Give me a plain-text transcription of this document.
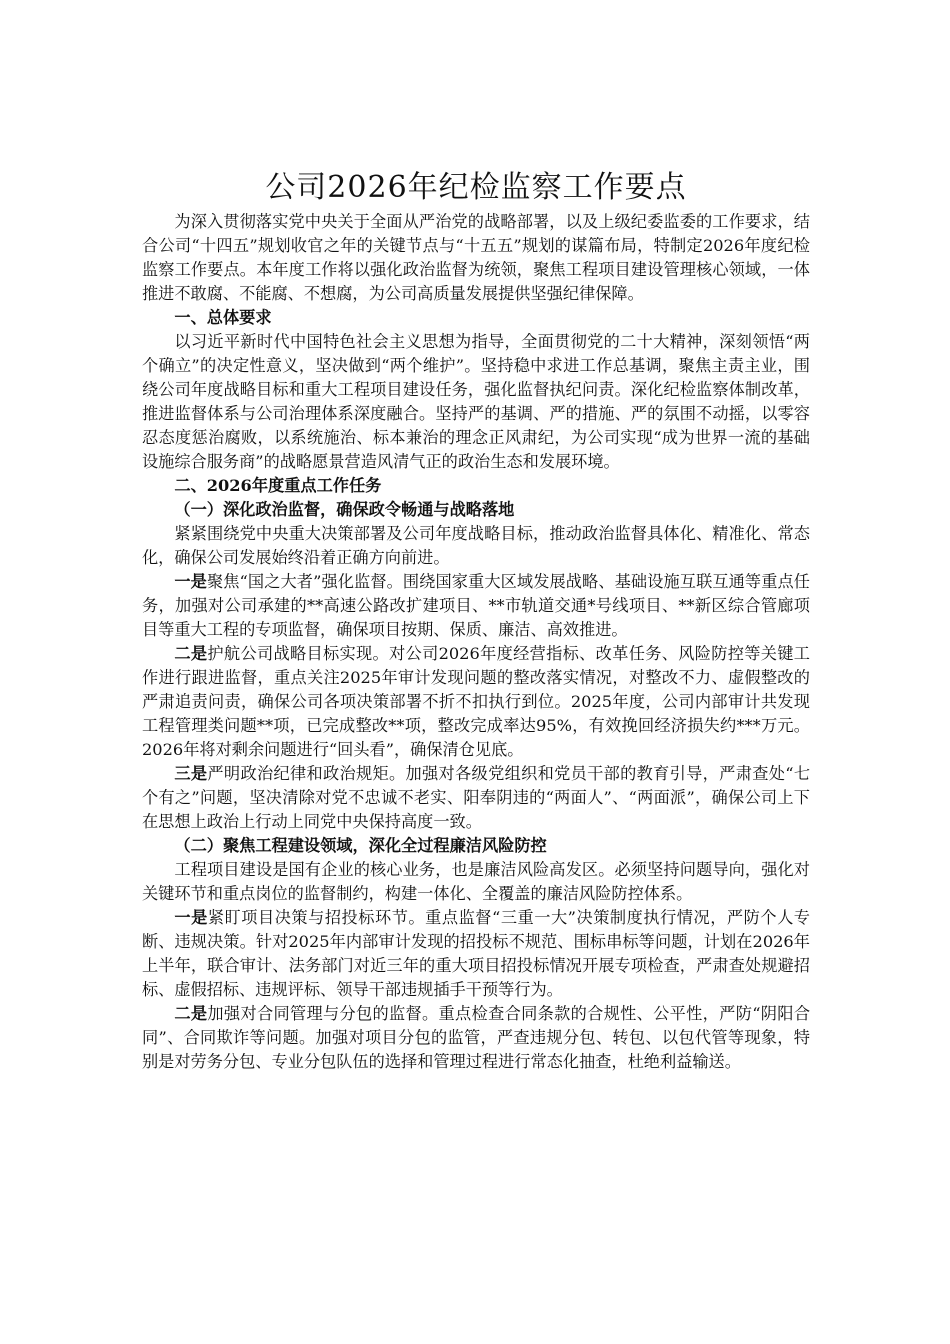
公司2026年纪检监察工作要点

为深入贯彻落实党中央关于全面从严治党的战略部署，以及上级纪委监委的工作要求，结合公司“十四五”规划收官之年的关键节点与“十五五”规划的谋篇布局，特制定2026年度纪检监察工作要点。本年度工作将以强化政治监督为统领，聚焦工程项目建设管理核心领域，一体推进不敢腐、不能腐、不想腐，为公司高质量发展提供坚强纪律保障。

一、总体要求

以习近平新时代中国特色社会主义思想为指导，全面贯彻党的二十大精神，深刻领悟“两个确立”的决定性意义，坚决做到“两个维护”。坚持稳中求进工作总基调，聚焦主责主业，围绕公司年度战略目标和重大工程项目建设任务，强化监督执纪问责。深化纪检监察体制改革，推进监督体系与公司治理体系深度融合。坚持严的基调、严的措施、严的氛围不动摇，以零容忍态度惩治腐败，以系统施治、标本兼治的理念正风肃纪，为公司实现“成为世界一流的基础设施综合服务商”的战略愿景营造风清气正的政治生态和发展环境。

二、2026年度重点工作任务

（一）深化政治监督，确保政令畅通与战略落地

紧紧围绕党中央重大决策部署及公司年度战略目标，推动政治监督具体化、精准化、常态化，确保公司发展始终沿着正确方向前进。

一是聚焦“国之大者”强化监督。围绕国家重大区域发展战略、基础设施互联互通等重点任务，加强对公司承建的**高速公路改扩建项目、**市轨道交通*号线项目、**新区综合管廊项目等重大工程的专项监督，确保项目按期、保质、廉洁、高效推进。

二是护航公司战略目标实现。对公司2026年度经营指标、改革任务、风险防控等关键工作进行跟进监督，重点关注2025年审计发现问题的整改落实情况，对整改不力、虚假整改的严肃追责问责，确保公司各项决策部署不折不扣执行到位。2025年度，公司内部审计共发现工程管理类问题**项，已完成整改**项，整改完成率达95%，有效挽回经济损失约***万元。2026年将对剩余问题进行“回头看”，确保清仓见底。

三是严明政治纪律和政治规矩。加强对各级党组织和党员干部的教育引导，严肃查处“七个有之”问题，坚决清除对党不忠诚不老实、阳奉阴违的“两面人”、“两面派”，确保公司上下在思想上政治上行动上同党中央保持高度一致。

（二）聚焦工程建设领域，深化全过程廉洁风险防控

工程项目建设是国有企业的核心业务，也是廉洁风险高发区。必须坚持问题导向，强化对关键环节和重点岗位的监督制约，构建一体化、全覆盖的廉洁风险防控体系。

一是紧盯项目决策与招投标环节。重点监督“三重一大”决策制度执行情况，严防个人专断、违规决策。针对2025年内部审计发现的招投标不规范、围标串标等问题，计划在2026年上半年，联合审计、法务部门对近三年的重大项目招投标情况开展专项检查，严肃查处规避招标、虚假招标、违规评标、领导干部违规插手干预等行为。

二是加强对合同管理与分包的监督。重点检查合同条款的合规性、公平性，严防“阴阳合同”、合同欺诈等问题。加强对项目分包的监管，严查违规分包、转包、以包代管等现象，特别是对劳务分包、专业分包队伍的选择和管理过程进行常态化抽查，杜绝利益输送。
